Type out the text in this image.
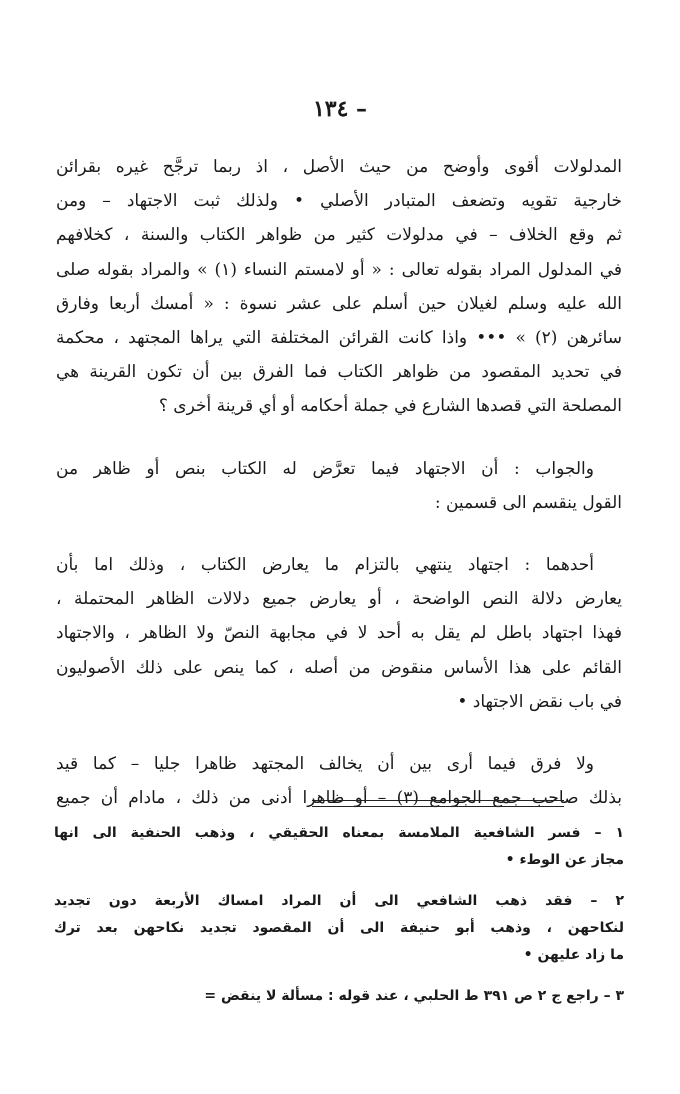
– ١٣٤

المدلولات أقوى وأوضح من حيث الأصل ، اذ ربما ترجَّح غيره بقرائن
خارجية تقويه وتضعف المتبادر الأصلي • ولذلك ثبت الاجتهاد – ومن
ثم وقع الخلاف – في مدلولات كثير من ظواهر الكتاب والسنة ، كخلافهم
في المدلول المراد بقوله تعالى : « أو لامستم النساء (١) » والمراد بقوله صلى
الله عليه وسلم لغيلان حين أسلم على عشر نسوة : « أمسك أربعا وفارق
سائرهن (٢) » ••• واذا كانت القرائن المختلفة التي يراها المجتهد ، محكمة
في تحديد المقصود من ظواهر الكتاب فما الفرق بين أن تكون القرينة هي
المصلحة التي قصدها الشارع في جملة أحكامه أو أي قرينة أخرى ؟

والجواب : أن الاجتهاد فيما تعرَّض له الكتاب بنص أو ظاهر من
القول ينقسم الى قسمين :

أحدهما : اجتهاد ينتهي بالتزام ما يعارض الكتاب ، وذلك اما بأن
يعارض دلالة النص الواضحة ، أو يعارض جميع دلالات الظاهر المحتملة ،
فهذا اجتهاد باطل لم يقل به أحد لا في مجابهة النصّ ولا الظاهر ، والاجتهاد
القائم على هذا الأساس منقوض من أصله ، كما ينص على ذلك الأصوليون
في باب نقض الاجتهاد •

ولا فرق فيما أرى بين أن يخالف المجتهد ظاهرا جليا – كما قيد
بذلك صاحب جمع الجوامع (٣) – أو ظاهرا أدنى من ذلك ، مادام أن جميع

١ – فسر الشافعية الملامسة بمعناه الحقيقي ، وذهب الحنفية الى انها
مجاز عن الوطء •

٢ – فقد ذهب الشافعي الى أن المراد امساك الأربعة دون تجديد
لنكاحهن ، وذهب أبو حنيفة الى أن المقصود تجديد نكاحهن بعد ترك
ما زاد عليهن •

٣ – راجع ج ٢ ص ٣٩١ ط الحلبي ، عند قوله : مسألة لا ينقض =
